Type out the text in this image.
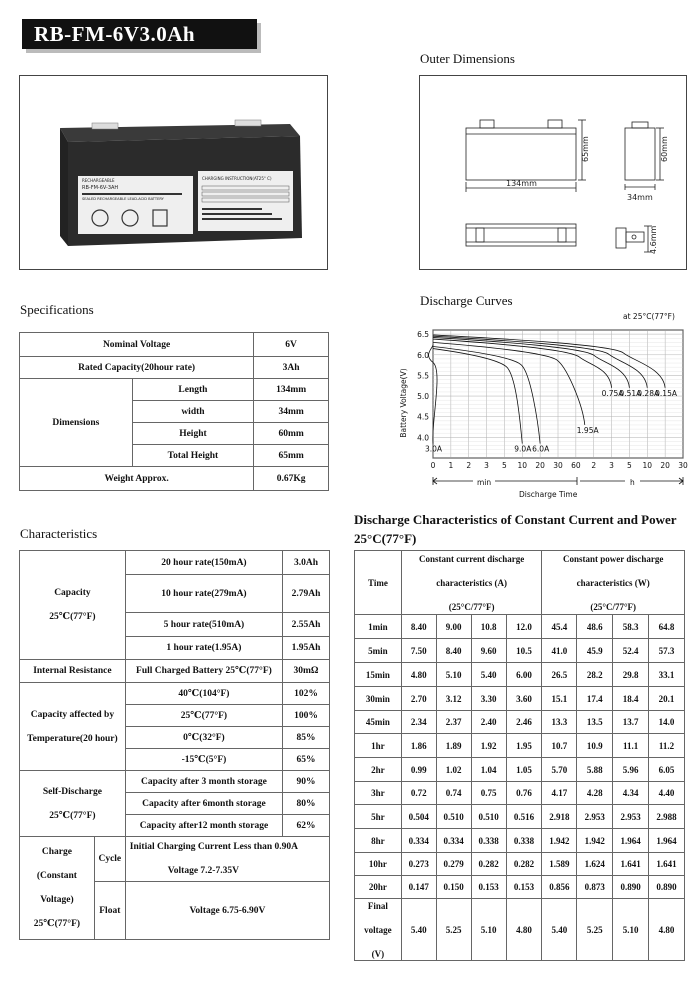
RB-FM-6V3.0Ah
RECHARGEABLE
RB-FM-6V-3AH
SEALED RECHARGEABLE LEAD-ACID BATTERY
CHARGING INSTRUCTION(AT25° C)
Outer Dimensions
134mm
65mm	60mm
34mm
4.6mm
Specifications
Nominal Voltage		6V
Rated Capacity(20hour rate)		3Ah
Dimensions	Length	134mm
	width	34mm
	Height	60mm
	Total Height	65mm
Weight Approx.		0.67Kg
Discharge Curves
0 1 2 3 5 10 20 30 60 2 3 5 10 20 30
6.5
6.0
5.5
5.0
4.5
4.0
9.0A 6.0A
3.0A
1.95A
0.75A
0.51A
0.28A
0.15A
at 25°C(77°F)
Battery Voltage(V)
min	h
Discharge Time
Characteristics
Capacity

25℃(77°F)		20 hour rate(150mA)	3.0Ah
		10 hour rate(279mA)	2.79Ah
		5 hour rate(510mA)	2.55Ah
		1 hour rate(1.95A)	1.95Ah
Internal Resistance		Full Charged Battery 25℃(77°F)	30mΩ
Capacity affected by

Temperature(20 hour)		40℃(104°F)	102%
		25℃(77°F)	100%
		0℃(32°F)	85%
		-15℃(5°F)	65%
Self-Discharge

25℃(77°F)		Capacity after 3 month storage	90%
		Capacity after 6month storage	80%
		Capacity after12 month storage	62%
Charge

(Constant

Voltage)

25℃(77°F)	Cycle	Initial Charging Current Less than 0.90A

Voltage 7.2-7.35V	
	Float	Voltage 6.75-6.90V	
Discharge Characteristics of Constant Current and Power
25°C(77°F)
Time	Constant current discharge

characteristics (A)

(25°C/77°F)				Constant power discharge

characteristics (W)

(25°C/77°F)			
1min	8.40	9.00	10.8	12.0	45.4	48.6	58.3	64.8
5min	7.50	8.40	9.60	10.5	41.0	45.9	52.4	57.3
15min	4.80	5.10	5.40	6.00	26.5	28.2	29.8	33.1
30min	2.70	3.12	3.30	3.60	15.1	17.4	18.4	20.1
45min	2.34	2.37	2.40	2.46	13.3	13.5	13.7	14.0
1hr	1.86	1.89	1.92	1.95	10.7	10.9	11.1	11.2
2hr	0.99	1.02	1.04	1.05	5.70	5.88	5.96	6.05
3hr	0.72	0.74	0.75	0.76	4.17	4.28	4.34	4.40
5hr	0.504	0.510	0.510	0.516	2.918	2.953	2.953	2.988
8hr	0.334	0.334	0.338	0.338	1.942	1.942	1.964	1.964
10hr	0.273	0.279	0.282	0.282	1.589	1.624	1.641	1.641
20hr	0.147	0.150	0.153	0.153	0.856	0.873	0.890	0.890
Final

voltage

(V)	5.40	5.25	5.10	4.80	5.40	5.25	5.10	4.80
